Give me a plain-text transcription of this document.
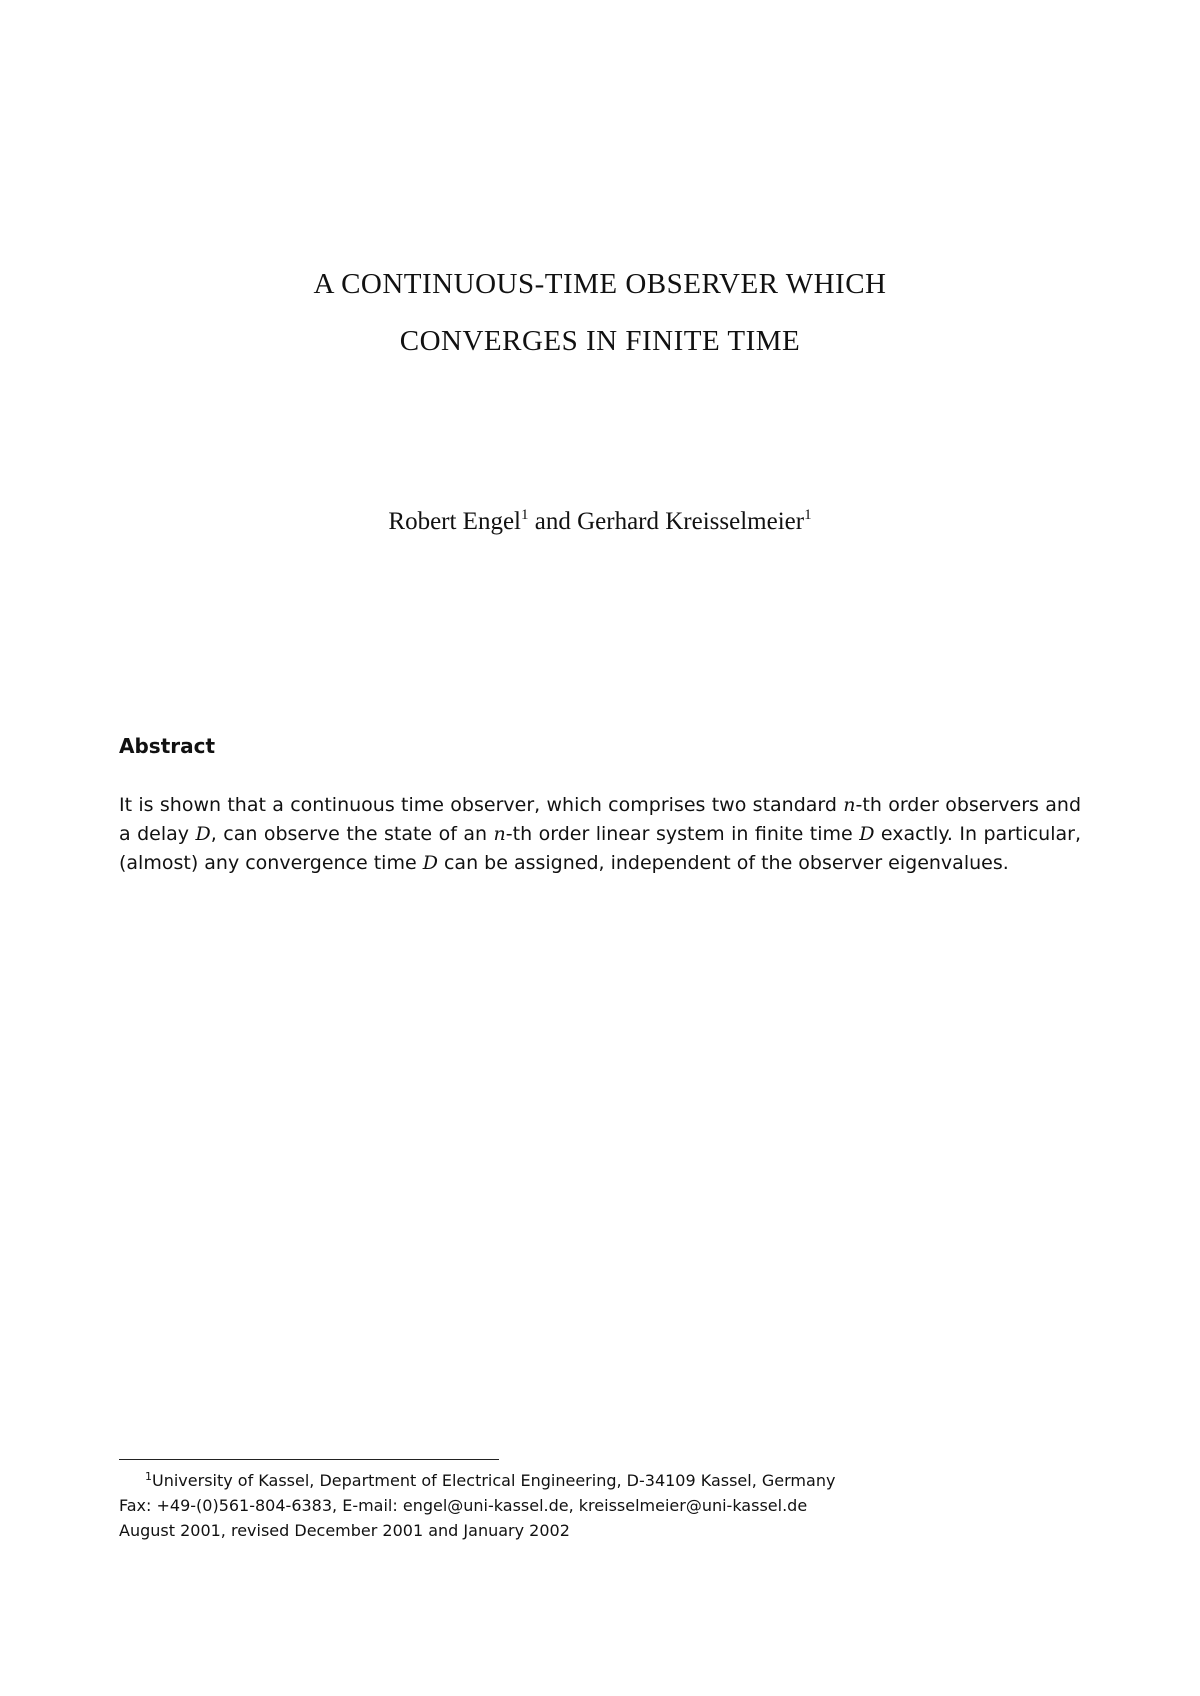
A CONTINUOUS-TIME OBSERVER WHICH
CONVERGES IN FINITE TIME
Robert Engel$^1$ and Gerhard Kreisselmeier$^1$
Abstract
It is shown that a continuous time observer, which comprises two standard n-th order observers and a delay D, can observe the state of an n-th order linear system in finite time D exactly. In particular, (almost) any convergence time D can be assigned, independent of the observer eigenvalues.
$^1$University of Kassel, Department of Electrical Engineering, D-34109 Kassel, Germany
Fax: +49-(0)561-804-6383, E-mail: engel@uni-kassel.de, kreisselmeier@uni-kassel.de
August 2001, revised December 2001 and January 2002
